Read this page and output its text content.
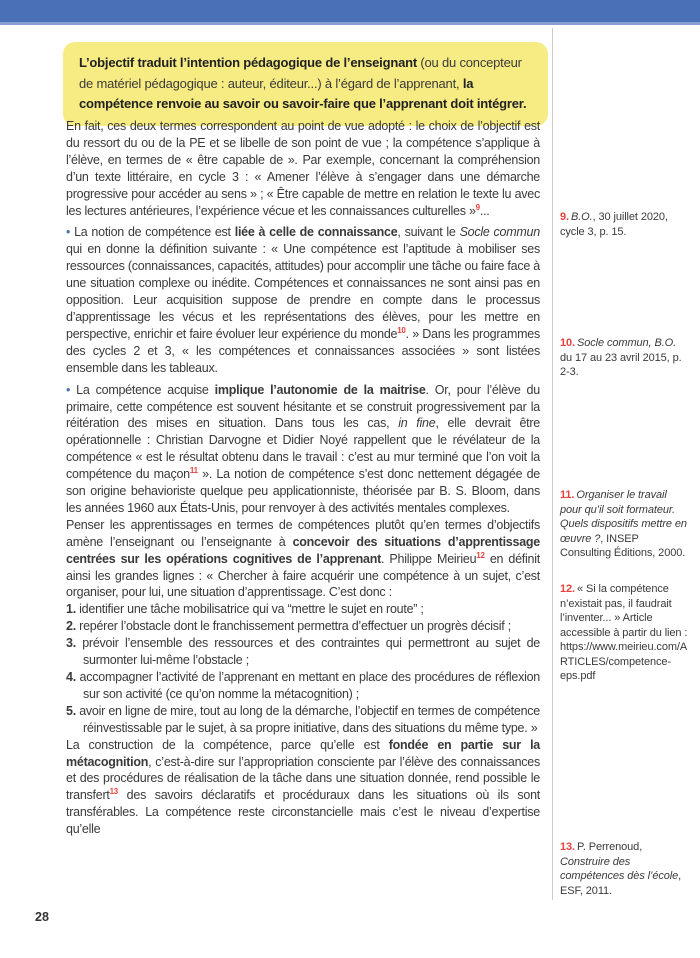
L’objectif traduit l’intention pédagogique de l’enseignant (ou du concepteur de matériel pédagogique : auteur, éditeur...) à l’égard de l’apprenant, la compétence renvoie au savoir ou savoir-faire que l’apprenant doit intégrer.

En fait, ces deux termes correspondent au point de vue adopté : le choix de l’objectif est du ressort du ou de la PE et se libelle de son point de vue ; la compétence s’applique à l’élève, en termes de « être capable de ». Par exemple, concernant la compréhension d’un texte littéraire, en cycle 3 : « Amener l’élève à s’engager dans une démarche progressive pour accéder au sens » ; « Être capable de mettre en relation le texte lu avec les lectures antérieures, l’expérience vécue et les connaissances culturelles »$^9$...

• La notion de compétence est liée à celle de connaissance, suivant le Socle commun qui en donne la définition suivante : « Une compétence est l’aptitude à mobiliser ses ressources (connaissances, capacités, attitudes) pour accomplir une tâche ou faire face à une situation complexe ou inédite. Compétences et connaissances ne sont ainsi pas en opposition. Leur acquisition suppose de prendre en compte dans le processus d’apprentissage les vécus et les représentations des élèves, pour les mettre en perspective, enrichir et faire évoluer leur expérience du monde$^{10}$. » Dans les programmes des cycles 2 et 3, « les compétences et connaissances associées » sont listées ensemble dans les tableaux.

• La compétence acquise implique l’autonomie de la maitrise. Or, pour l’élève du primaire, cette compétence est souvent hésitante et se construit progressivement par la réitération des mises en situation. Dans tous les cas, in fine, elle devrait être opérationnelle : Christian Darvogne et Didier Noyé rappellent que le révélateur de la compétence « est le résultat obtenu dans le travail : c’est au mur terminé que l’on voit la compétence du maçon$^{11}$ ». La notion de compétence s’est donc nettement dégagée de son origine behavioriste quelque peu applicationniste, théorisée par B. S. Bloom, dans les années 1960 aux États-Unis, pour renvoyer à des activités mentales complexes.

Penser les apprentissages en termes de compétences plutôt qu’en termes d’objectifs amène l’enseignant ou l’enseignante à concevoir des situations d’apprentissage centrées sur les opérations cognitives de l’apprenant. Philippe Meirieu$^{12}$ en définit ainsi les grandes lignes : « Chercher à faire acquérir une compétence à un sujet, c’est organiser, pour lui, une situation d’apprentissage. C’est donc :

1. identifier une tâche mobilisatrice qui va “mettre le sujet en route” ;
2. repérer l’obstacle dont le franchissement permettra d’effectuer un progrès décisif ;
3. prévoir l’ensemble des ressources et des contraintes qui permettront au sujet de surmonter lui-même l’obstacle ;
4. accompagner l’activité de l’apprenant en mettant en place des procédures de réflexion sur son activité (ce qu’on nomme la métacognition) ;
5. avoir en ligne de mire, tout au long de la démarche, l’objectif en termes de compétence réinvestissable par le sujet, à sa propre initiative, dans des situations du même type. »

La construction de la compétence, parce qu’elle est fondée en partie sur la métacognition, c’est-à-dire sur l’appropriation consciente par l’élève des connaissances et des procédures de réalisation de la tâche dans une situation donnée, rend possible le transfert$^{13}$ des savoirs déclaratifs et procéduraux dans les situations où ils sont transférables. La compétence reste circonstancielle mais c’est le niveau d’expertise qu’elle

9. B.O., 30 juillet 2020, cycle 3, p. 15.
10. Socle commun, B.O. du 17 au 23 avril 2015, p. 2-3.
11. Organiser le travail pour qu’il soit formateur. Quels dispositifs mettre en œuvre ?, INSEP Consulting Éditions, 2000.
12. « Si la compétence n’existait pas, il faudrait l’inventer... » Article accessible à partir du lien : https://www.meirieu.com/ARTICLES/competence-eps.pdf
13. P. Perrenoud, Construire des compétences dès l’école, ESF, 2011.
28
